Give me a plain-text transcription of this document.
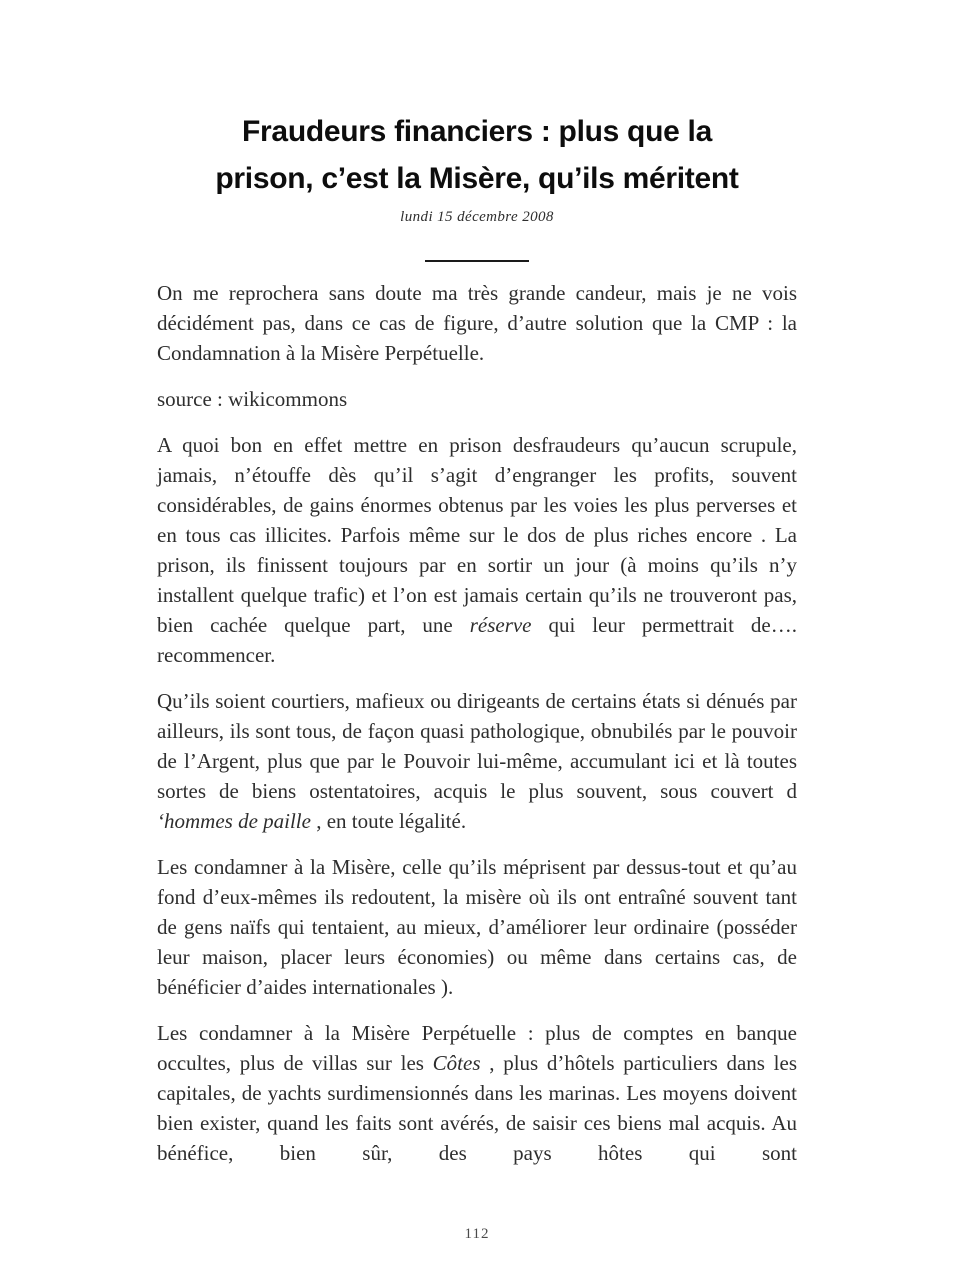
Fraudeurs financiers : plus que la
prison, c’est la Misère, qu’ils méritent
lundi 15 décembre 2008

On me reprochera sans doute ma très grande candeur, mais je ne vois décidément pas, dans ce cas de figure, d’autre solution que la CMP : la Condamnation à la Misère Perpétuelle.

source : wikicommons

A quoi bon en effet mettre en prison desfraudeurs qu’aucun scrupule, jamais, n’étouffe dès qu’il s’agit d’engranger les profits, souvent considérables, de gains énormes obtenus par les voies les plus perverses et en tous cas illicites. Parfois même sur le dos de plus riches encore . La prison, ils finissent toujours par en sortir un jour (à moins qu’ils n’y installent quelque trafic) et l’on est jamais certain qu’ils ne trouveront pas, bien cachée quelque part, une réserve qui leur permettrait de…. recommencer.

Qu’ils soient courtiers, mafieux ou dirigeants de certains états si dénués par ailleurs, ils sont tous, de façon quasi pathologique, obnubilés par le pouvoir de l’Argent, plus que par le Pouvoir lui-même, accumulant ici et là toutes sortes de biens ostentatoires, acquis le plus souvent, sous couvert d ‘hommes de paille , en toute légalité.

Les condamner à la Misère, celle qu’ils méprisent par dessus-tout et qu’au fond d’eux-mêmes ils redoutent, la misère où ils ont entraîné souvent tant de gens naïfs qui tentaient, au mieux, d’améliorer leur ordinaire (posséder leur maison, placer leurs économies) ou même dans certains cas, de bénéficier d’aides internationales ).

Les condamner à la Misère Perpétuelle : plus de comptes en banque occultes, plus de villas sur les Côtes , plus d’hôtels particuliers dans les capitales, de yachts surdimensionnés dans les marinas. Les moyens doivent bien exister, quand les faits sont avérés, de saisir ces biens mal acquis. Au bénéfice, bien sûr, des pays hôtes qui sont

112
